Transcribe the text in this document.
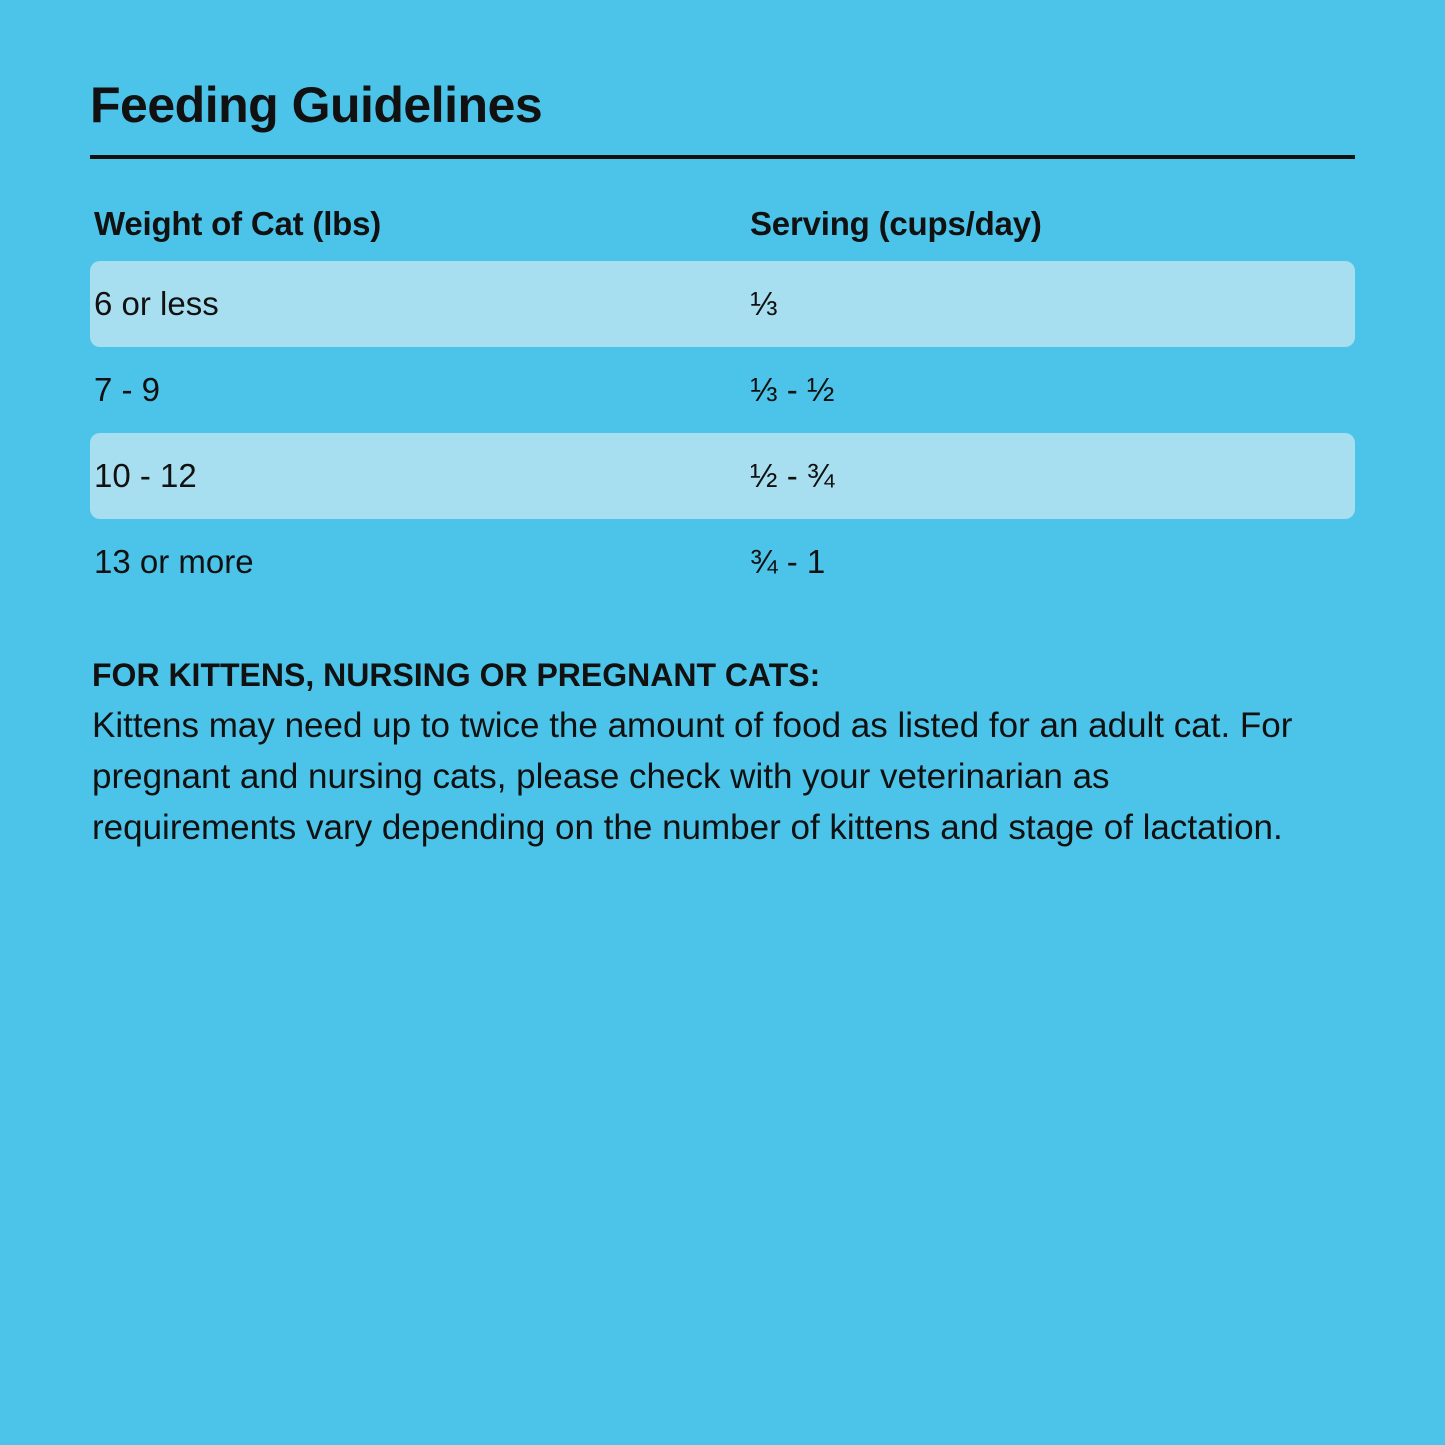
Feeding Guidelines
Weight of Cat (lbs)	Serving (cups/day)
6 or less	⅓
7 - 9	⅓ - ½
10 - 12	½ - ¾
13 or more	¾ - 1
FOR KITTENS, NURSING OR PREGNANT CATS:

Kittens may need up to twice the amount of food as listed for an adult cat. For pregnant and nursing cats, please check with your veterinarian as requirements vary depending on the number of kittens and stage of lactation.
